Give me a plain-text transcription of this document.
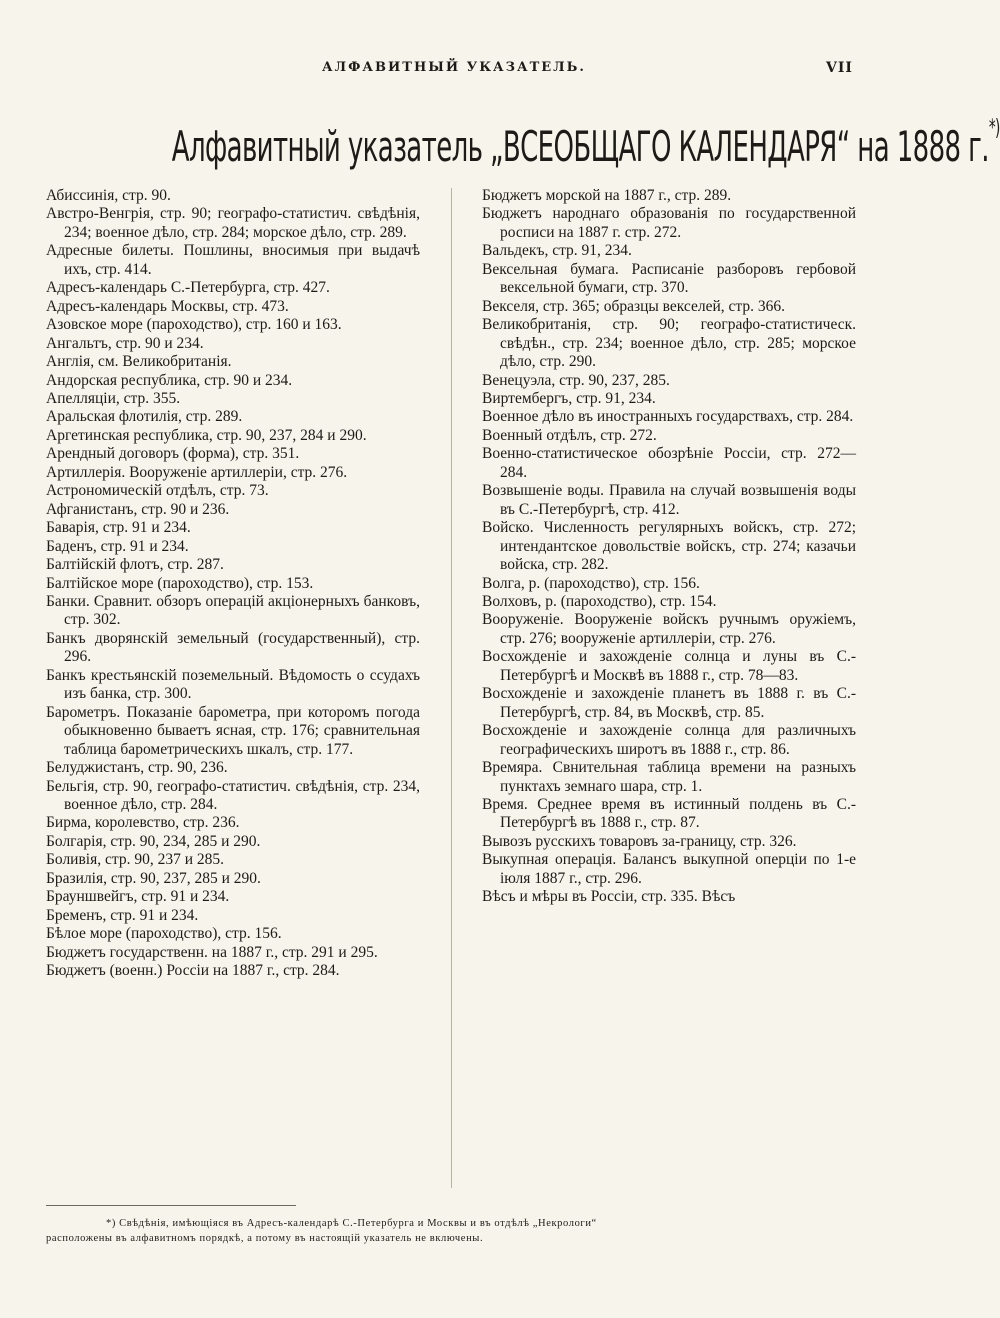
АЛФАВИТНЫЙ УКАЗАТЕЛЬ.	VII
Алфавитный указатель „ВСЕОБЩАГО КАЛЕНДАРЯ“ на 1888 г.*)
Абиссинія, стр. 90.
Австро-Венгрія, стр. 90; географо-статистич. свѣдѣнія, 234; военное дѣло, стр. 284; морское дѣло, стр. 289.
Адресные билеты. Пошлины, вносимыя при выдачѣ ихъ, стр. 414.
Адресъ-календарь С.-Петербурга, стр. 427.
Адресъ-календарь Москвы, стр. 473.
Азовское море (пароходство), стр. 160 и 163.
Ангальтъ, стр. 90 и 234.
Англія, см. Великобританія.
Андорская республика, стр. 90 и 234.
Апелляціи, стр. 355.
Аральская флотилія, стр. 289.
Аргетинская республика, стр. 90, 237, 284 и 290.
Арендный договоръ (форма), стр. 351.
Артиллерія. Вооруженіе артиллеріи, стр. 276.
Астрономическій отдѣлъ, стр. 73.
Афганистанъ, стр. 90 и 236.
Баварія, стр. 91 и 234.
Баденъ, стр. 91 и 234.
Балтійскій флотъ, стр. 287.
Балтійское море (пароходство), стр. 153.
Банки. Сравнит. обзоръ операцій акціонерныхъ банковъ, стр. 302.
Банкъ дворянскій земельный (государственный), стр. 296.
Банкъ крестьянскій поземельный. Вѣдомость о ссудахъ изъ банка, стр. 300.
Барометръ. Показаніе барометра, при которомъ погода обыкновенно бываетъ ясная, стр. 176; сравнительная таблица барометрическихъ шкалъ, стр. 177.
Белуджистанъ, стр. 90, 236.
Бельгія, стр. 90, географо-статистич. свѣдѣнія, стр. 234, военное дѣло, стр. 284.
Бирма, королевство, стр. 236.
Болгарія, стр. 90, 234, 285 и 290.
Боливія, стр. 90, 237 и 285.
Бразилія, стр. 90, 237, 285 и 290.
Брауншвейгъ, стр. 91 и 234.
Бременъ, стр. 91 и 234.
Бѣлое море (пароходство), стр. 156.
Бюджетъ государственн. на 1887 г., стр. 291 и 295.
Бюджетъ (военн.) Россіи на 1887 г., стр. 284.
Бюджетъ морской на 1887 г., стр. 289.
Бюджетъ народнаго образованія по государственной росписи на 1887 г. стр. 272.
Вальдекъ, стр. 91, 234.
Вексельная бумага. Расписаніе разборовъ гербовой вексельной бумаги, стр. 370.
Векселя, стр. 365; образцы векселей, стр. 366.
Великобританія, стр. 90; географо-статистическ. свѣдѣн., стр. 234; военное дѣло, стр. 285; морское дѣло, стр. 290.
Венецуэла, стр. 90, 237, 285.
Виртембергъ, стр. 91, 234.
Военное дѣло въ иностранныхъ государствахъ, стр. 284.
Военный отдѣлъ, стр. 272.
Военно-статистическое обозрѣніе Россіи, стр. 272—284.
Возвышеніе воды. Правила на случай возвышенія воды въ С.-Петербургѣ, стр. 412.
Войско. Численность регулярныхъ войскъ, стр. 272; интендантское довольствіе войскъ, стр. 274; казачьи войска, стр. 282.
Волга, р. (пароходство), стр. 156.
Волховъ, р. (пароходство), стр. 154.
Вооруженіе. Вооруженіе войскъ ручнымъ оружіемъ, стр. 276; вооруженіе артиллеріи, стр. 276.
Восхожденіе и захожденіе солнца и луны въ С.-Петербургѣ и Москвѣ въ 1888 г., стр. 78—83.
Восхожденіе и захожденіе планетъ въ 1888 г. въ С.-Петербургѣ, стр. 84, въ Москвѣ, стр. 85.
Восхожденіе и захожденіе солнца для различныхъ географическихъ широтъ въ 1888 г., стр. 86.
Времяра. Свнительная таблица времени на разныхъ пунктахъ земнаго шара, стр. 1.
Время. Среднее время въ истинный полдень въ С.-Петербургѣ въ 1888 г., стр. 87.
Вывозъ русскихъ товаровъ за-границу, стр. 326.
Выкупная операція. Балансъ выкупной оперціи по 1-е іюля 1887 г., стр. 296.
Вѣсъ и мѣры въ Россіи, стр. 335. Вѣсъ
*) Свѣдѣнія, имѣющіяся въ Адресъ-календарѣ С.-Петербурга и Москвы и въ отдѣлѣ „Некрологи“
расположены въ алфавитномъ порядкѣ, а потому въ настоящій указатель не включены.
